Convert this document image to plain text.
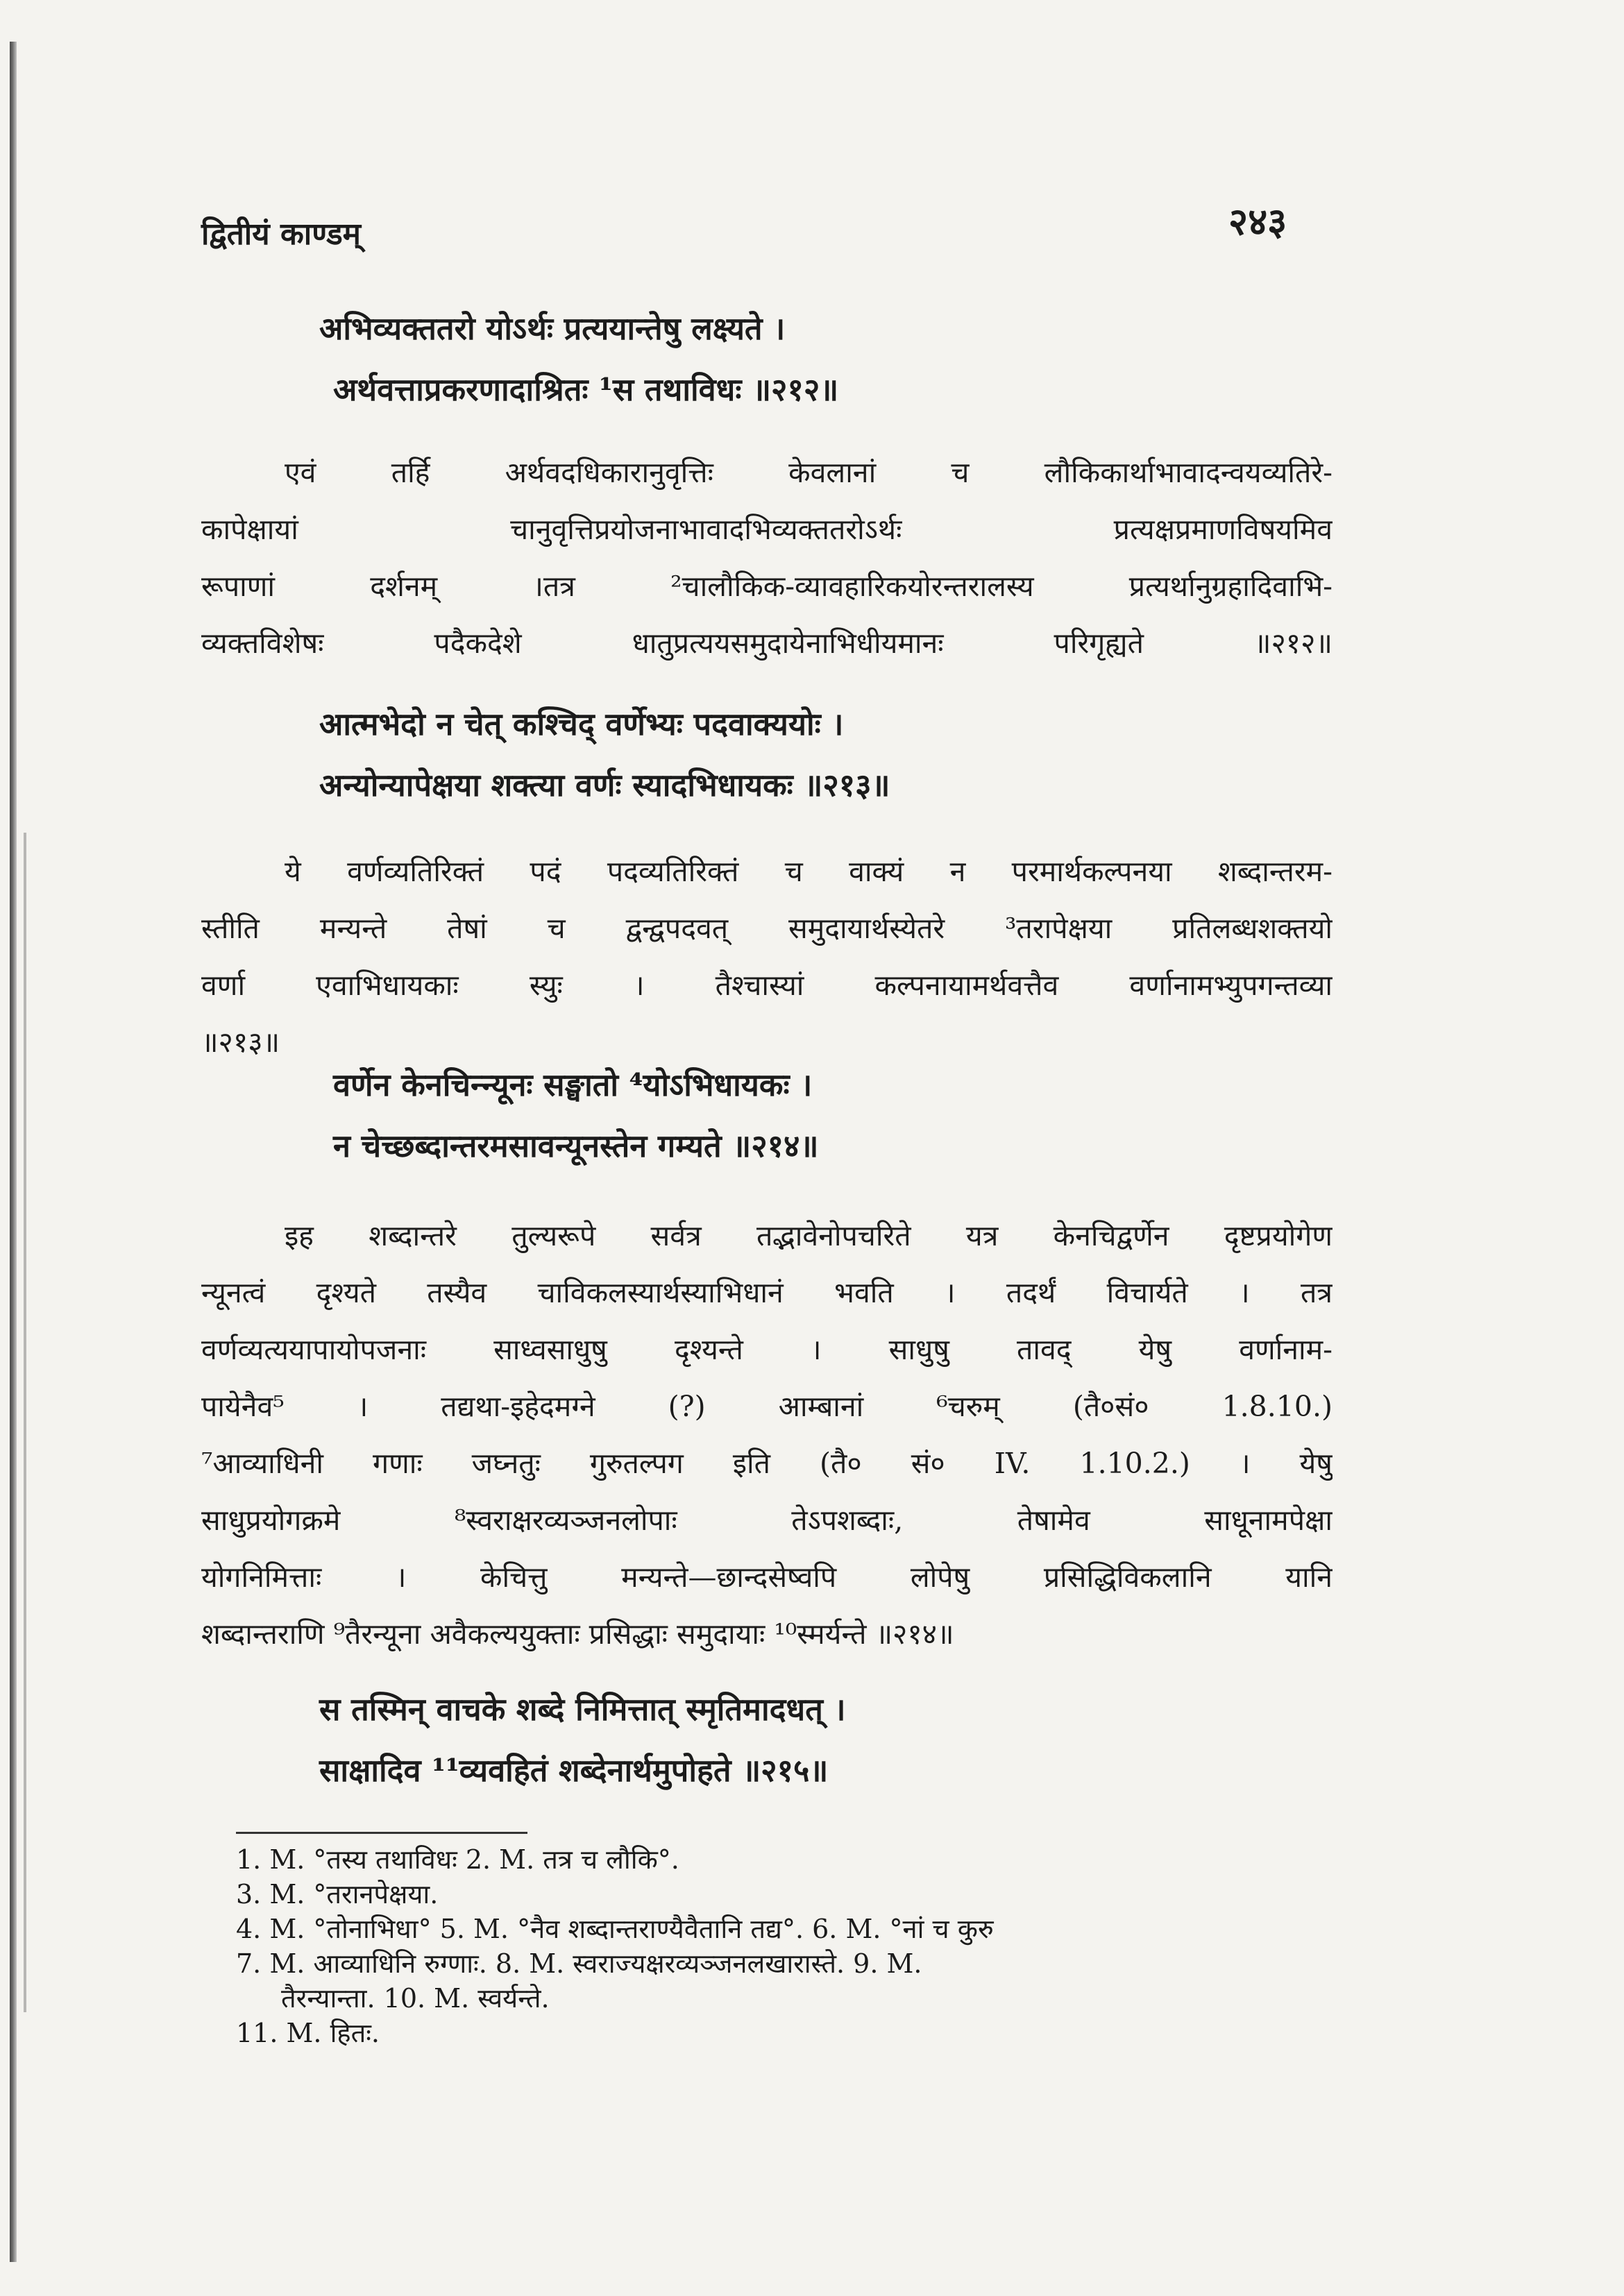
द्वितीयं काण्डम्	२४३
अभिव्यक्ततरो योऽर्थः प्रत्ययान्तेषु लक्ष्यते ।
अर्थवत्ताप्रकरणादाश्रितः ¹स तथाविधः ॥२१२॥
एवं तर्हि अर्थवदधिकारानुवृत्तिः केवलानां च लौकिकार्थाभावादन्वयव्यतिरे-
कापेक्षायां चानुवृत्तिप्रयोजनाभावादभिव्यक्ततरोऽर्थः प्रत्यक्षप्रमाणविषयमिव
रूपाणां दर्शनम् ।तत्र ²चालौकिक-व्यावहारिकयोरन्तरालस्य प्रत्यर्थानुग्रहादिवाभि-
व्यक्तविशेषः पदैकदेशे धातुप्रत्ययसमुदायेनाभिधीयमानः परिगृह्यते ॥२१२॥
आत्मभेदो न चेत् कश्चिद् वर्णेभ्यः पदवाक्ययोः ।
अन्योन्यापेक्षया शक्त्या वर्णः स्यादभिधायकः ॥२१३॥
ये वर्णव्यतिरिक्तं पदं पदव्यतिरिक्तं च वाक्यं न परमार्थकल्पनया शब्दान्तरम-
स्तीति मन्यन्ते तेषां च द्वन्द्वपदवत् समुदायार्थस्येतरे ³तरापेक्षया प्रतिलब्धशक्तयो
वर्णा एवाभिधायकाः स्युः । तैश्चास्यां कल्पनायामर्थवत्तैव वर्णानामभ्युपगन्तव्या
॥२१३॥
वर्णेन केनचिन्न्यूनः सङ्घातो ⁴योऽभिधायकः ।
न चेच्छब्दान्तरमसावन्यूनस्तेन गम्यते ॥२१४॥
इह शब्दान्तरे तुल्यरूपे सर्वत्र तद्भावेनोपचरिते यत्र केनचिद्वर्णेन दृष्टप्रयोगेण
न्यूनत्वं दृश्यते तस्यैव चाविकलस्यार्थस्याभिधानं भवति । तदर्थं विचार्यते । तत्र
वर्णव्यत्ययापायोपजनाः साध्वसाधुषु दृश्यन्ते । साधुषु तावद् येषु वर्णानाम-
पायेनैव⁵ । तद्यथा-इहेदमग्ने (?) आम्बानां ⁶चरुम् (तै०सं० 1.8.10.)
⁷आव्याधिनी गणाः जघ्नतुः गुरुतल्पग इति (तै० सं० IV. 1.10.2.) । येषु
साधुप्रयोगक्रमे ⁸स्वराक्षरव्यञ्जनलोपाः तेऽपशब्दाः, तेषामेव साधूनामपेक्षा
योगनिमित्ताः । केचित्तु मन्यन्ते—छान्दसेष्वपि लोपेषु प्रसिद्धिविकलानि यानि
शब्दान्तराणि ⁹तैरन्यूना अवैकल्ययुक्ताः प्रसिद्धाः समुदायाः ¹⁰स्मर्यन्ते ॥२१४॥
स तस्मिन् वाचके शब्दे निमित्तात् स्मृतिमादधत् ।
साक्षादिव ¹¹व्यवहितं शब्देनार्थमुपोहते ॥२१५॥
1. M. °तस्य तथाविधः 2. M. तत्र च लौकि°.
3. M. °तरानपेक्षया.
4. M. °तोनाभिधा° 5. M. °नैव शब्दान्तराण्यैवैतानि तद्य°. 6. M. °नां च कुरु
7. M. आव्याधिनि रुग्णाः. 8. M. स्वराज्यक्षरव्यञ्जनलखारास्ते. 9. M.
तैरन्यान्ता. 10. M. स्वर्यन्ते.
11. M. हितः.
